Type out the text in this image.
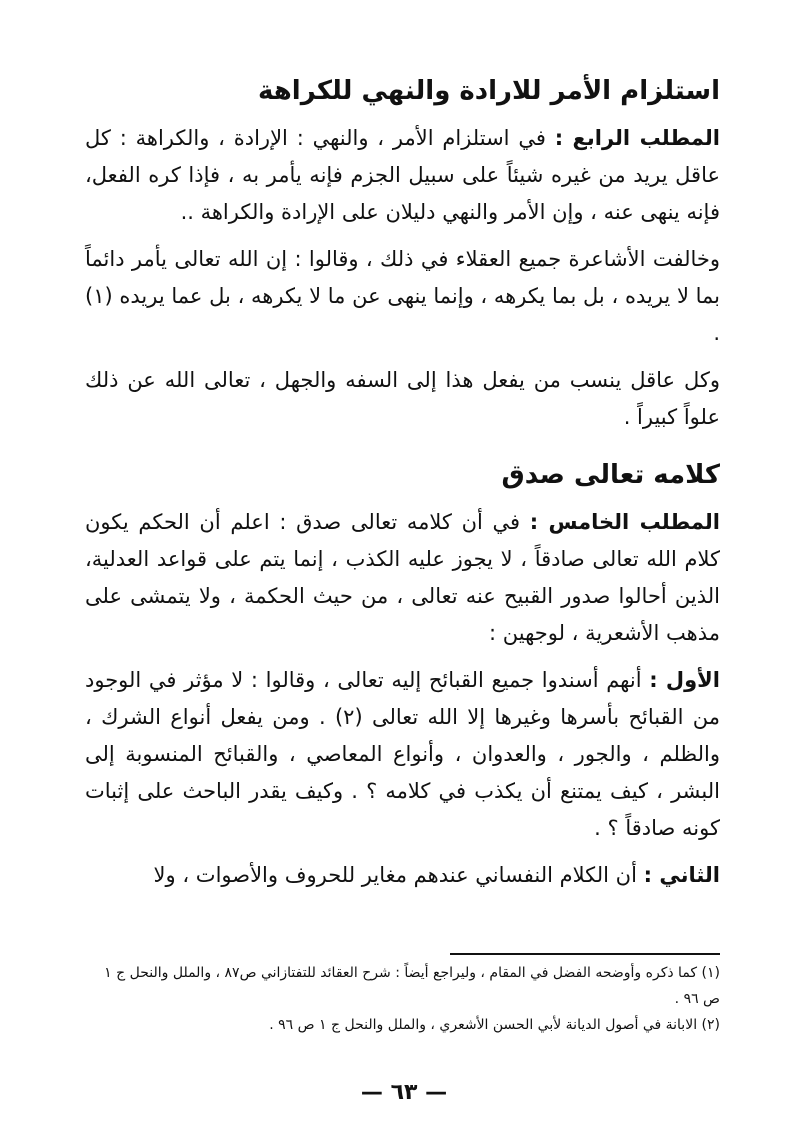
استلزام الأمر للارادة والنهي للكراهة

المطلب الرابع : في استلزام الأمر ، والنهي : الإرادة ، والكراهة : كل عاقل يريد من غيره شيئاً على سبيل الجزم فإنه يأمر به ، فإذا كره الفعل، فإنه ينهى عنه ، وإن الأمر والنهي دليلان على الإرادة والكراهة ..

وخالفت الأشاعرة جميع العقلاء في ذلك ، وقالوا : إن الله تعالى يأمر دائماً بما لا يريده ، بل بما يكرهه ، وإنما ينهى عن ما لا يكرهه ، بل عما يريده (١) .

وكل عاقل ينسب من يفعل هذا إلى السفه والجهل ، تعالى الله عن ذلك علواً كبيراً .

كلامه تعالى صدق

المطلب الخامس : في أن كلامه تعالى صدق : اعلم أن الحكم يكون كلام الله تعالى صادقاً ، لا يجوز عليه الكذب ، إنما يتم على قواعد العدلية، الذين أحالوا صدور القبيح عنه تعالى ، من حيث الحكمة ، ولا يتمشى على مذهب الأشعرية ، لوجهين :

الأول : أنهم أسندوا جميع القبائح إليه تعالى ، وقالوا : لا مؤثر في الوجود من القبائح بأسرها وغيرها إلا الله تعالى (٢) . ومن يفعل أنواع الشرك ، والظلم ، والجور ، والعدوان ، وأنواع المعاصي ، والقبائح المنسوبة إلى البشر ، كيف يمتنع أن يكذب في كلامه ؟ . وكيف يقدر الباحث على إثبات كونه صادقاً ؟ .

الثاني : أن الكلام النفساني عندهم مغاير للحروف والأصوات ، ولا

(١) كما ذكره وأوضحه الفضل في المقام ، وليراجع أيضاً : شرح العقائد للتفتازاني ص٨٧ ، والملل والنحل ج ١ ص ٩٦ .

(٢) الابانة في أصول الديانة لأبي الحسن الأشعري ، والملل والنحل ج ١ ص ٩٦ .

— ٦٣ —
